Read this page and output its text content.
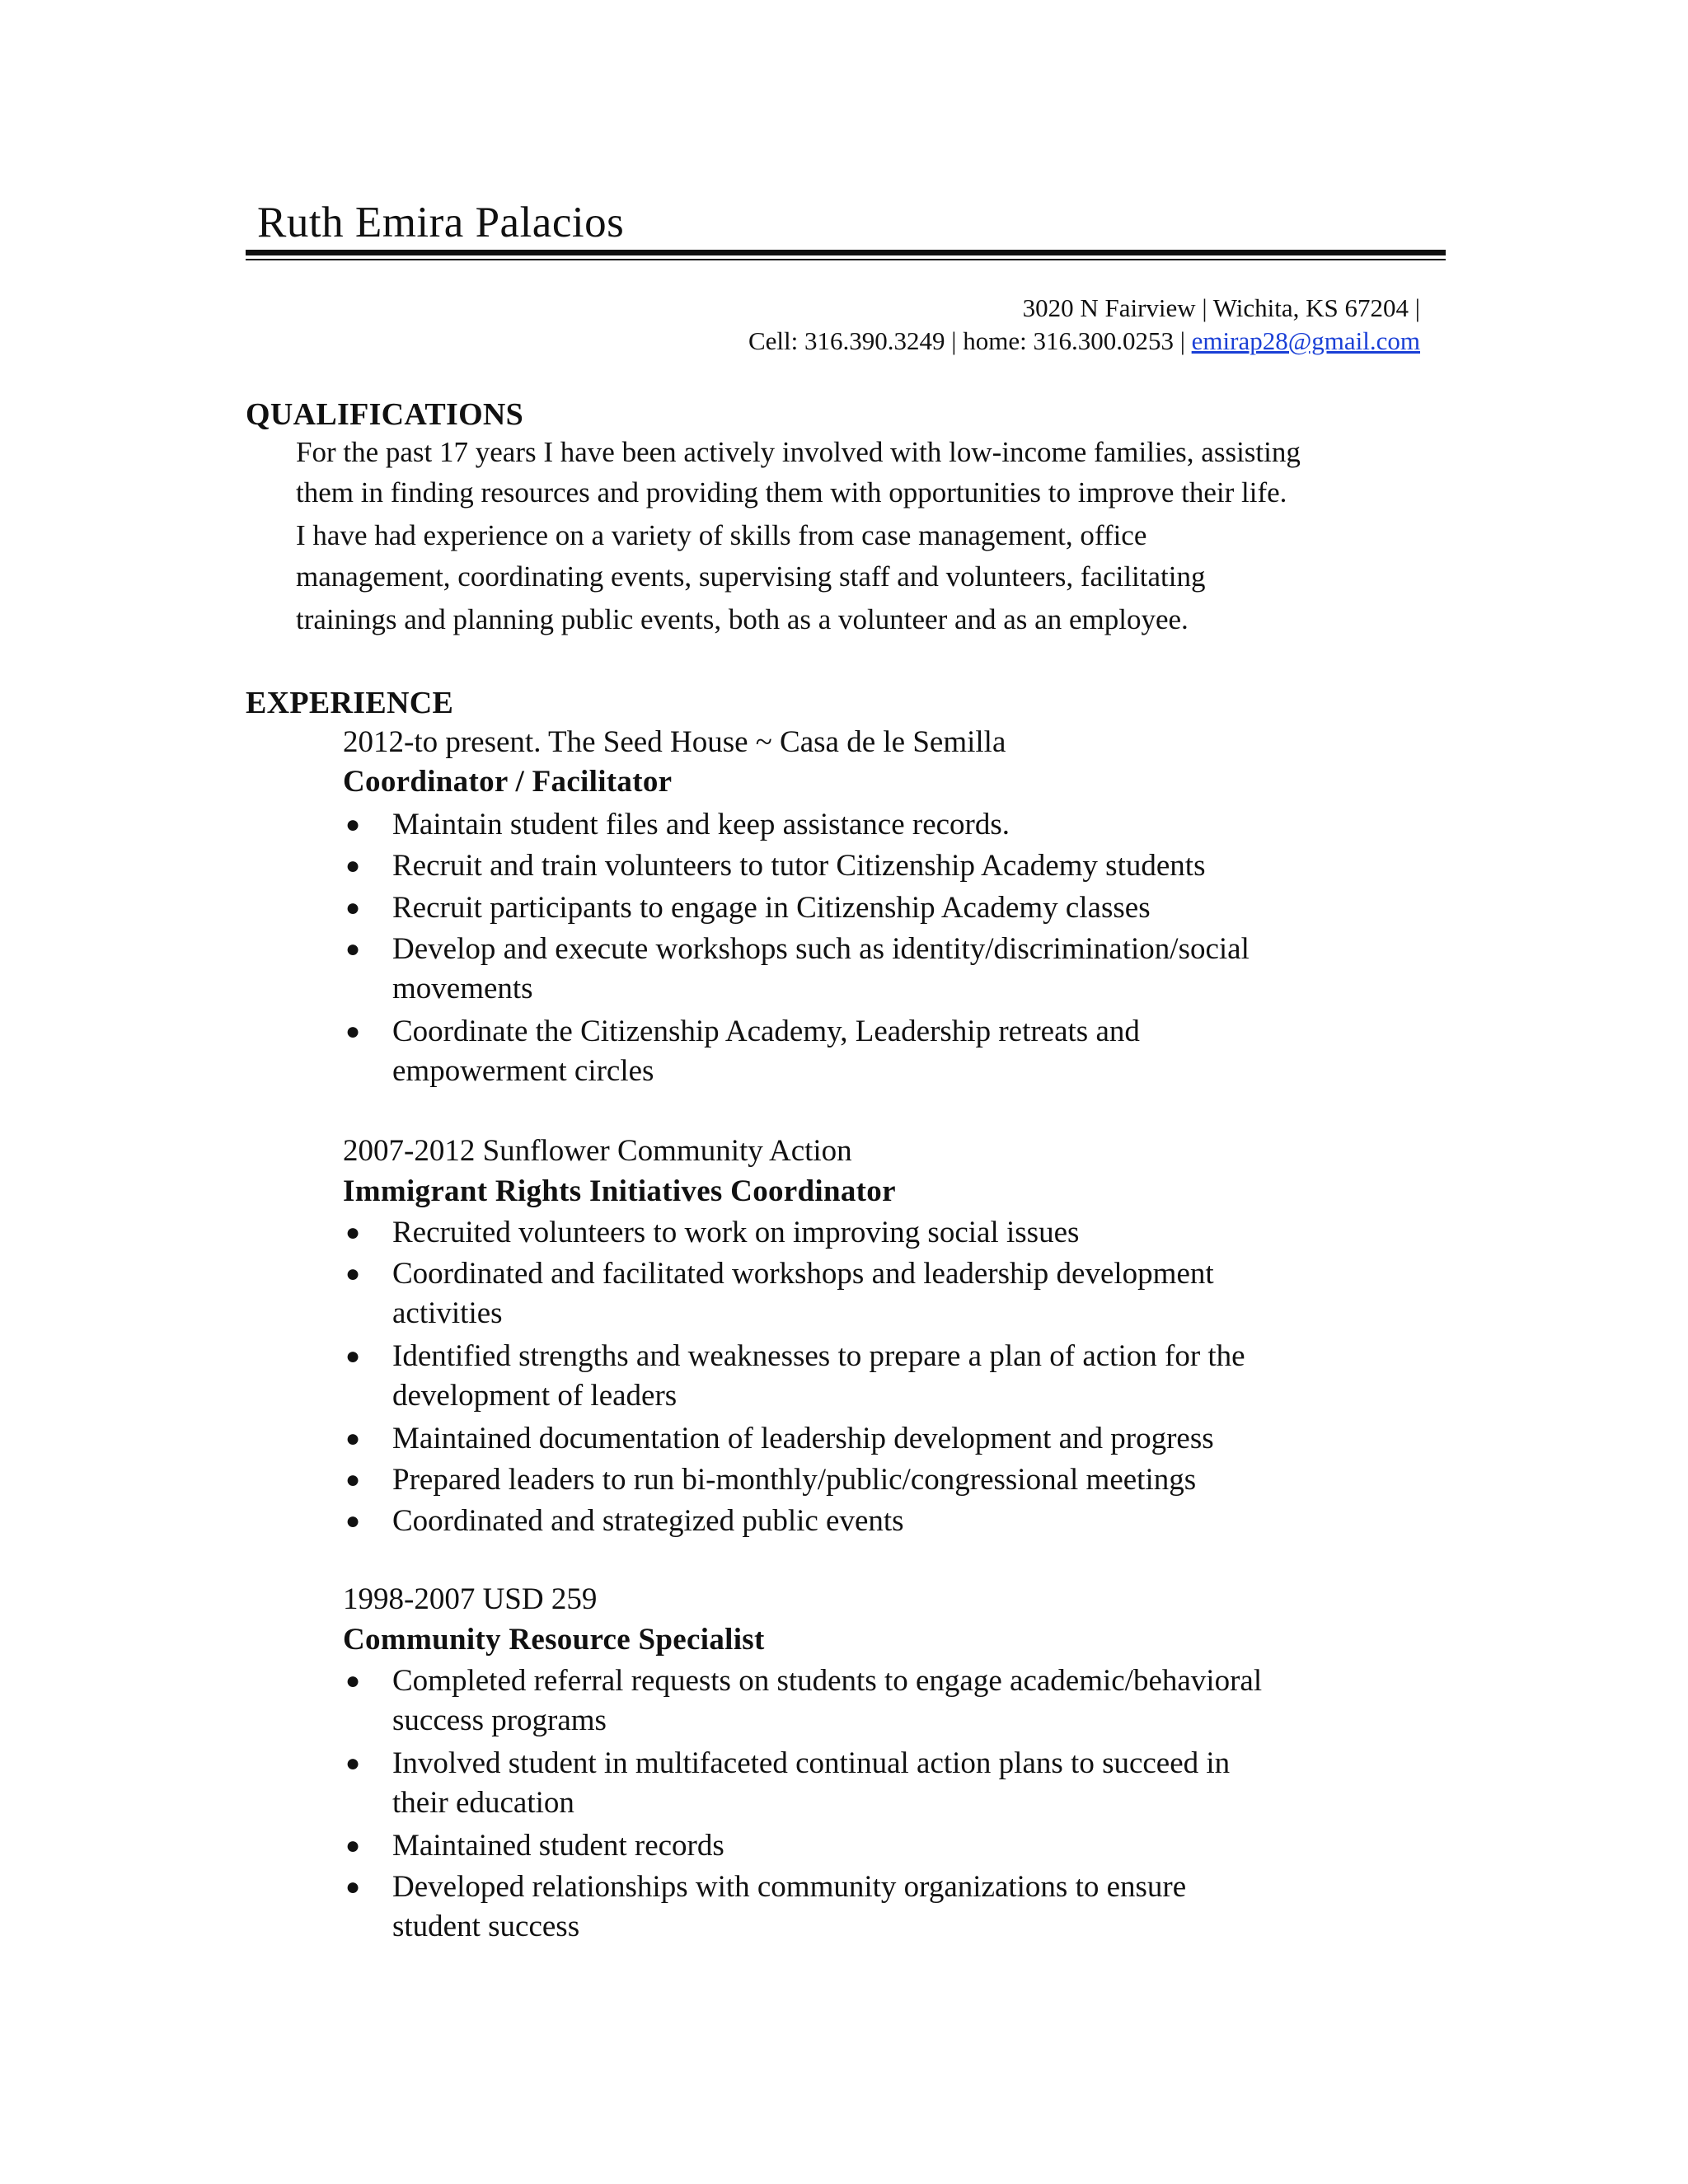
Ruth Emira Palacios
3020 N Fairview | Wichita, KS 67204 |
Cell: 316.390.3249 | home: 316.300.0253 | emirap28@gmail.com
QUALIFICATIONS
For the past 17 years I have been actively involved with low-income families, assisting
them in finding resources and providing them with opportunities to improve their life.
I have had experience on a variety of skills from case management, office
management, coordinating events, supervising staff and volunteers, facilitating
trainings and planning public events, both as a volunteer and as an employee.
EXPERIENCE
2012-to present. The Seed House ~ Casa de le Semilla
Coordinator / Facilitator
●	Maintain student files and keep assistance records.
●	Recruit and train volunteers to tutor Citizenship Academy students
●	Recruit participants to engage in Citizenship Academy classes
●	Develop and execute workshops such as identity/discrimination/social
movements
●	Coordinate the Citizenship Academy, Leadership retreats and
empowerment circles
2007-2012 Sunflower Community Action
Immigrant Rights Initiatives Coordinator
●	Recruited volunteers to work on improving social issues
●	Coordinated and facilitated workshops and leadership development
activities
●	Identified strengths and weaknesses to prepare a plan of action for the
development of leaders
●	Maintained documentation of leadership development and progress
●	Prepared leaders to run bi-monthly/public/congressional meetings
●	Coordinated and strategized public events
1998-2007 USD 259
Community Resource Specialist
●	Completed referral requests on students to engage academic/behavioral
success programs
●	Involved student in multifaceted continual action plans to succeed in
their education
●	Maintained student records
●	Developed relationships with community organizations to ensure
student success
